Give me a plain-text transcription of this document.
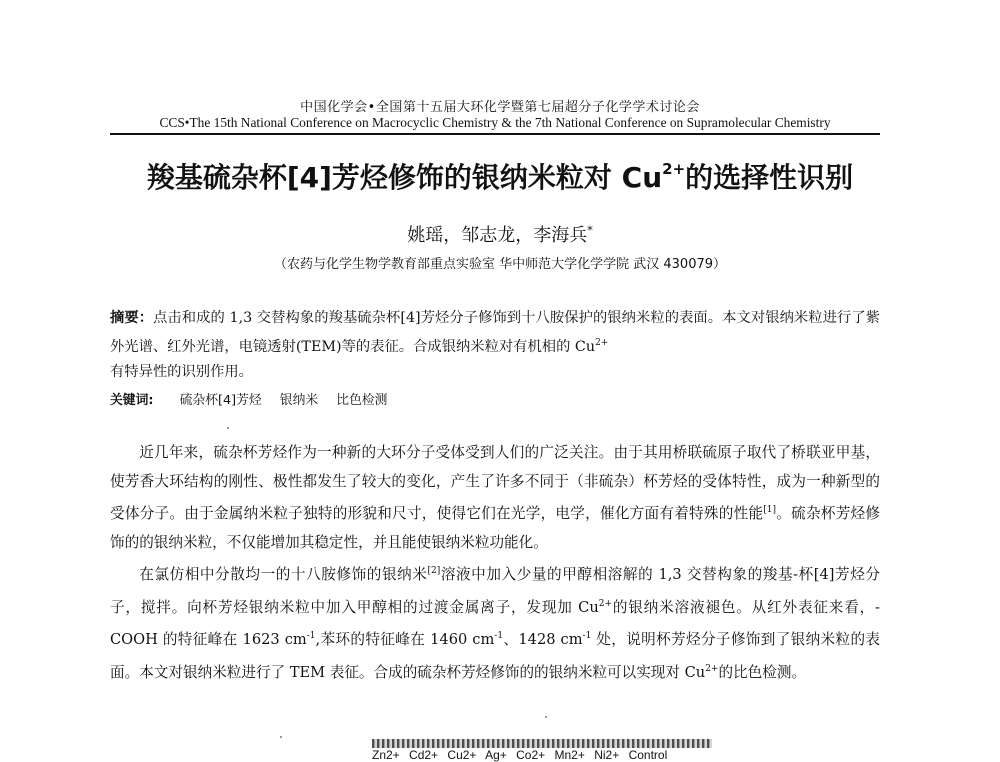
中国化学会•全国第十五届大环化学暨第七届超分子化学学术讨论会
CCS•The 15th National Conference on Macrocyclic Chemistry & the 7th National Conference on Supramolecular Chemistry
羧基硫杂杯[4]芳烃修饰的银纳米粒对 $Cu^{2+}$的选择性识别
姚瑶，邹志龙，李海兵*
（农药与化学生物学教育部重点实验室 华中师范大学化学学院 武汉 430079）
摘要：点击和成的 1,3 交替构象的羧基硫杂杯[4]芳烃分子修饰到十八胺保护的银纳米粒的表面。本文对银纳米粒进行了紫外光谱、红外光谱，电镜透射(TEM)等的表征。合成银纳米粒对有机相的 $Cu^{2+}$
有特异性的识别作用。
关键词: 硫杂杯[4]芳烃 银纳米 比色检测

近几年来，硫杂杯芳烃作为一种新的大环分子受体受到人们的广泛关注。由于其用桥联硫原子取代了桥联亚甲基，使芳香大环结构的刚性、极性都发生了较大的变化，产生了许多不同于（非硫杂）杯芳烃的受体特性，成为一种新型的受体分子。由于金属纳米粒子独特的形貌和尺寸，使得它们在光学，电学，催化方面有着特殊的性能[1]。硫杂杯芳烃修饰的的银纳米粒，不仅能增加其稳定性，并且能使银纳米粒功能化。

在氯仿相中分散均一的十八胺修饰的银纳米[2]溶液中加入少量的甲醇相溶解的 1,3 交替构象的羧基-杯[4]芳烃分子，搅拌。向杯芳烃银纳米粒中加入甲醇相的过渡金属离子，发现加 $Cu^{2+}$的银纳米溶液褪色。从红外表征来看，-COOH 的特征峰在 1623 $cm^{-1}$,苯环的特征峰在 1460 $cm^{-1}$、1428 $cm^{-1}$ 处，说明杯芳烃分子修饰到了银纳米粒的表面。本文对银纳米粒进行了 TEM 表征。合成的硫杂杯芳烃修饰的的银纳米粒可以实现对 $Cu^{2+}$的比色检测。

Zn2+ Cd2+ Cu2+ Ag+ Co2+ Mn2+ Ni2+ Control
